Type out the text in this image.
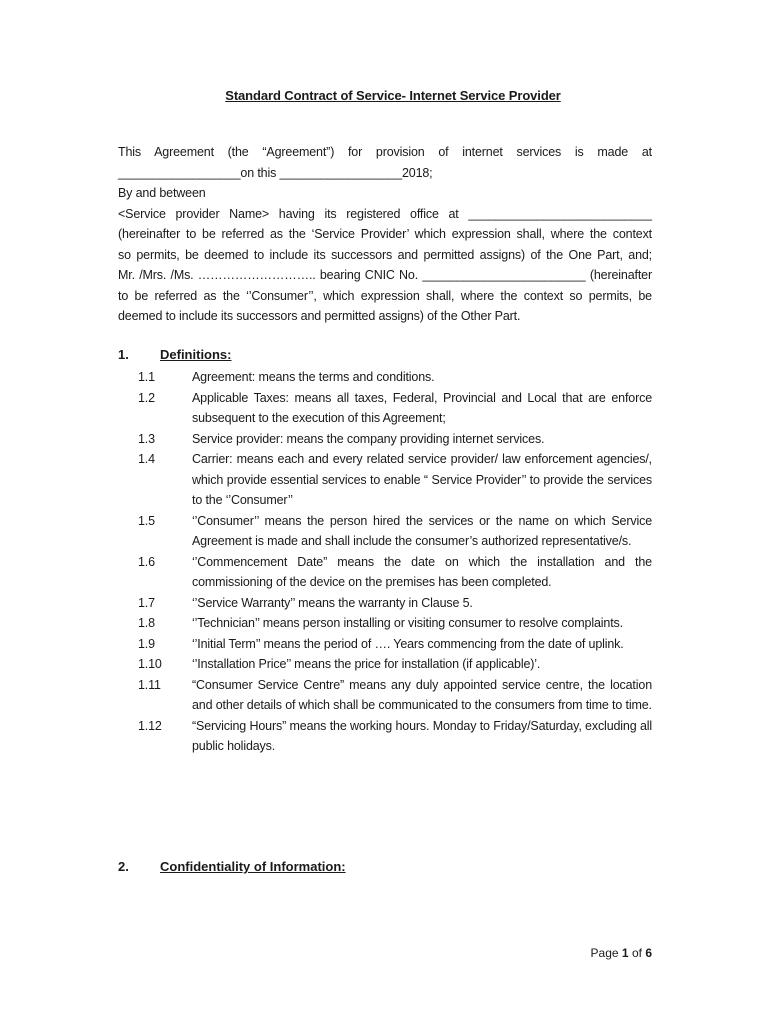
Standard Contract of Service- Internet Service Provider

This Agreement (the “Agreement”) for provision of internet services is made at

__________________on this __________________2018;

By and between

<Service provider Name> having its registered office at ___________________________

(hereinafter to be referred as the ‘Service Provider’ which expression shall, where the context

so permits, be deemed to include its successors and permitted assigns) of the One Part, and;

Mr. /Mrs. /Ms. ……………………….. bearing CNIC No. ________________________ (hereinafter

to be referred as the ‘’Consumer’’, which expression shall, where the context so permits, be

deemed to include its successors and permitted assigns) of the Other Part.

1. Definitions:
1.1	Agreement: means the terms and conditions.
1.2	Applicable Taxes: means all taxes, Federal, Provincial and Local that are enforce subsequent to the execution of this Agreement;
1.3	Service provider: means the company providing internet services.
1.4	Carrier: means each and every related service provider/ law enforcement agencies/, which provide essential services to enable “ Service Provider’’ to provide the services to the ‘’Consumer’’
1.5	‘’Consumer’’ means the person hired the services or the name on which Service Agreement is made and shall include the consumer’s authorized representative/s.
1.6	‘’Commencement Date” means the date on which the installation and the commissioning of the device on the premises has been completed.
1.7	‘’Service Warranty’’ means the warranty in Clause 5.
1.8	‘’Technician’’ means person installing or visiting consumer to resolve complaints.
1.9	‘’Initial Term’’ means the period of …. Years commencing from the date of uplink.
1.10	‘’Installation Price’’ means the price for installation (if applicable)’.
1.11	“Consumer Service Centre” means any duly appointed service centre, the location and other details of which shall be communicated to the consumers from time to time.
1.12	“Servicing Hours” means the working hours. Monday to Friday/Saturday, excluding all public holidays.
2. Confidentiality of Information:
Page 1 of 6
